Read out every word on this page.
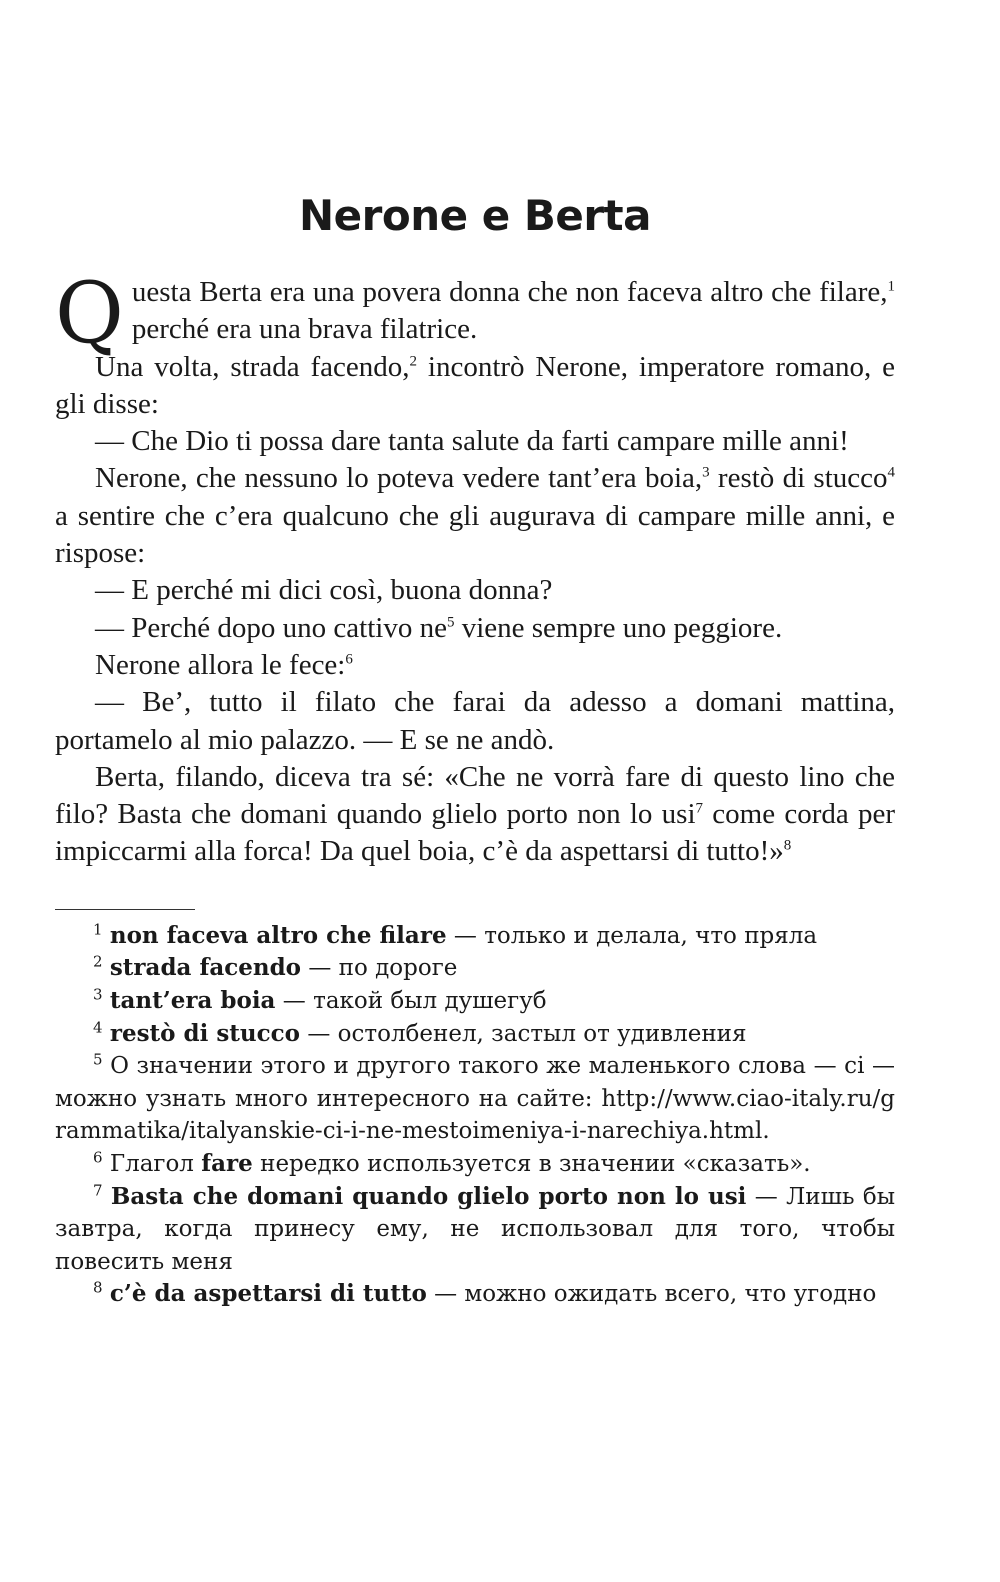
Nerone e Berta

Questa Berta era una povera donna che non faceva altro che filare,$^1$ perché era una brava filatrice.

Una volta, strada facendo,$^2$ incontrò Nerone, imperatore romano, e gli disse:

— Che Dio ti possa dare tanta salute da farti campare mille anni!

Nerone, che nessuno lo poteva vedere tant’era boia,$^3$ restò di stucco$^4$ a sentire che c’era qualcuno che gli augurava di campare mille anni, e rispose:

— E perché mi dici così, buona donna?

— Perché dopo uno cattivo $ne^5$ viene sempre uno peggiore.

Nerone allora le fece:$^6$

— Be’, tutto il filato che farai da adesso a domani mattina, portamelo al mio palazzo. — E se ne andò.

Berta, filando, diceva tra sé: «Che ne vorrà fare di questo lino che filo? Basta che domani quando glielo porto non lo usi$^7$ come corda per impiccarmi alla forca! Da quel boia, c’è da aspettarsi di tutto!»$^8$

$^1$ non faceva altro che filare — только и делала, что пряла

$^2$ strada facendo — по дороге

$^3$ tant’era boia — такой был душегуб

$^4$ restò di stucco — остолбенел, застыл от удивления

$^5$ О значении этого и другого такого же маленького слова — ci — можно узнать много интересного на сайте: http://www.ciao-italy.ru/grammatika/italyanskie-ci-i-ne-mestoimeniya-i-narechiya.html.

$^6$ Глагол fare нередко используется в значении «сказать».

$^7$ Basta che domani quando glielo porto non lo usi — Лишь бы завтра, когда принесу ему, не использовал для того, чтобы повесить меня

$^8$ c’è da aspettarsi di tutto — можно ожидать всего, что угодно
